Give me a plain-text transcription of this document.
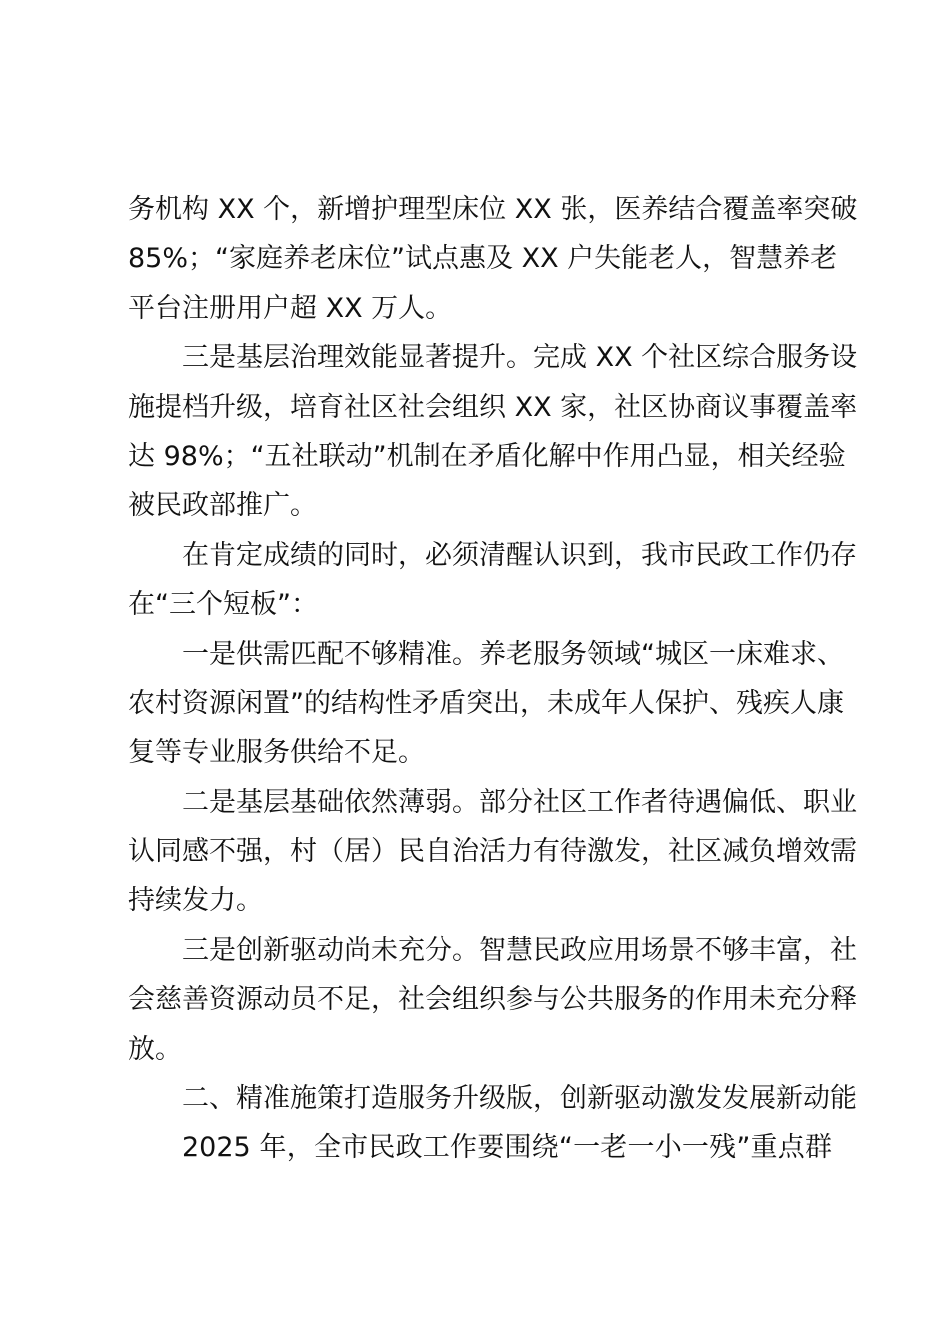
务机构 XX 个，新增护理型床位 XX 张，医养结合覆盖率突破
85%；“家庭养老床位”试点惠及 XX 户失能老人，智慧养老
平台注册用户超 XX 万人。
三是基层治理效能显著提升。完成 XX 个社区综合服务设
施提档升级，培育社区社会组织 XX 家，社区协商议事覆盖率
达 98%；“五社联动”机制在矛盾化解中作用凸显，相关经验
被民政部推广。
在肯定成绩的同时，必须清醒认识到，我市民政工作仍存
在“三个短板”：
一是供需匹配不够精准。养老服务领域“城区一床难求、
农村资源闲置”的结构性矛盾突出，未成年人保护、残疾人康
复等专业服务供给不足。
二是基层基础依然薄弱。部分社区工作者待遇偏低、职业
认同感不强，村（居）民自治活力有待激发，社区减负增效需
持续发力。
三是创新驱动尚未充分。智慧民政应用场景不够丰富，社
会慈善资源动员不足，社会组织参与公共服务的作用未充分释
放。
二、精准施策打造服务升级版，创新驱动激发发展新动能
2025 年，全市民政工作要围绕“一老一小一残”重点群
